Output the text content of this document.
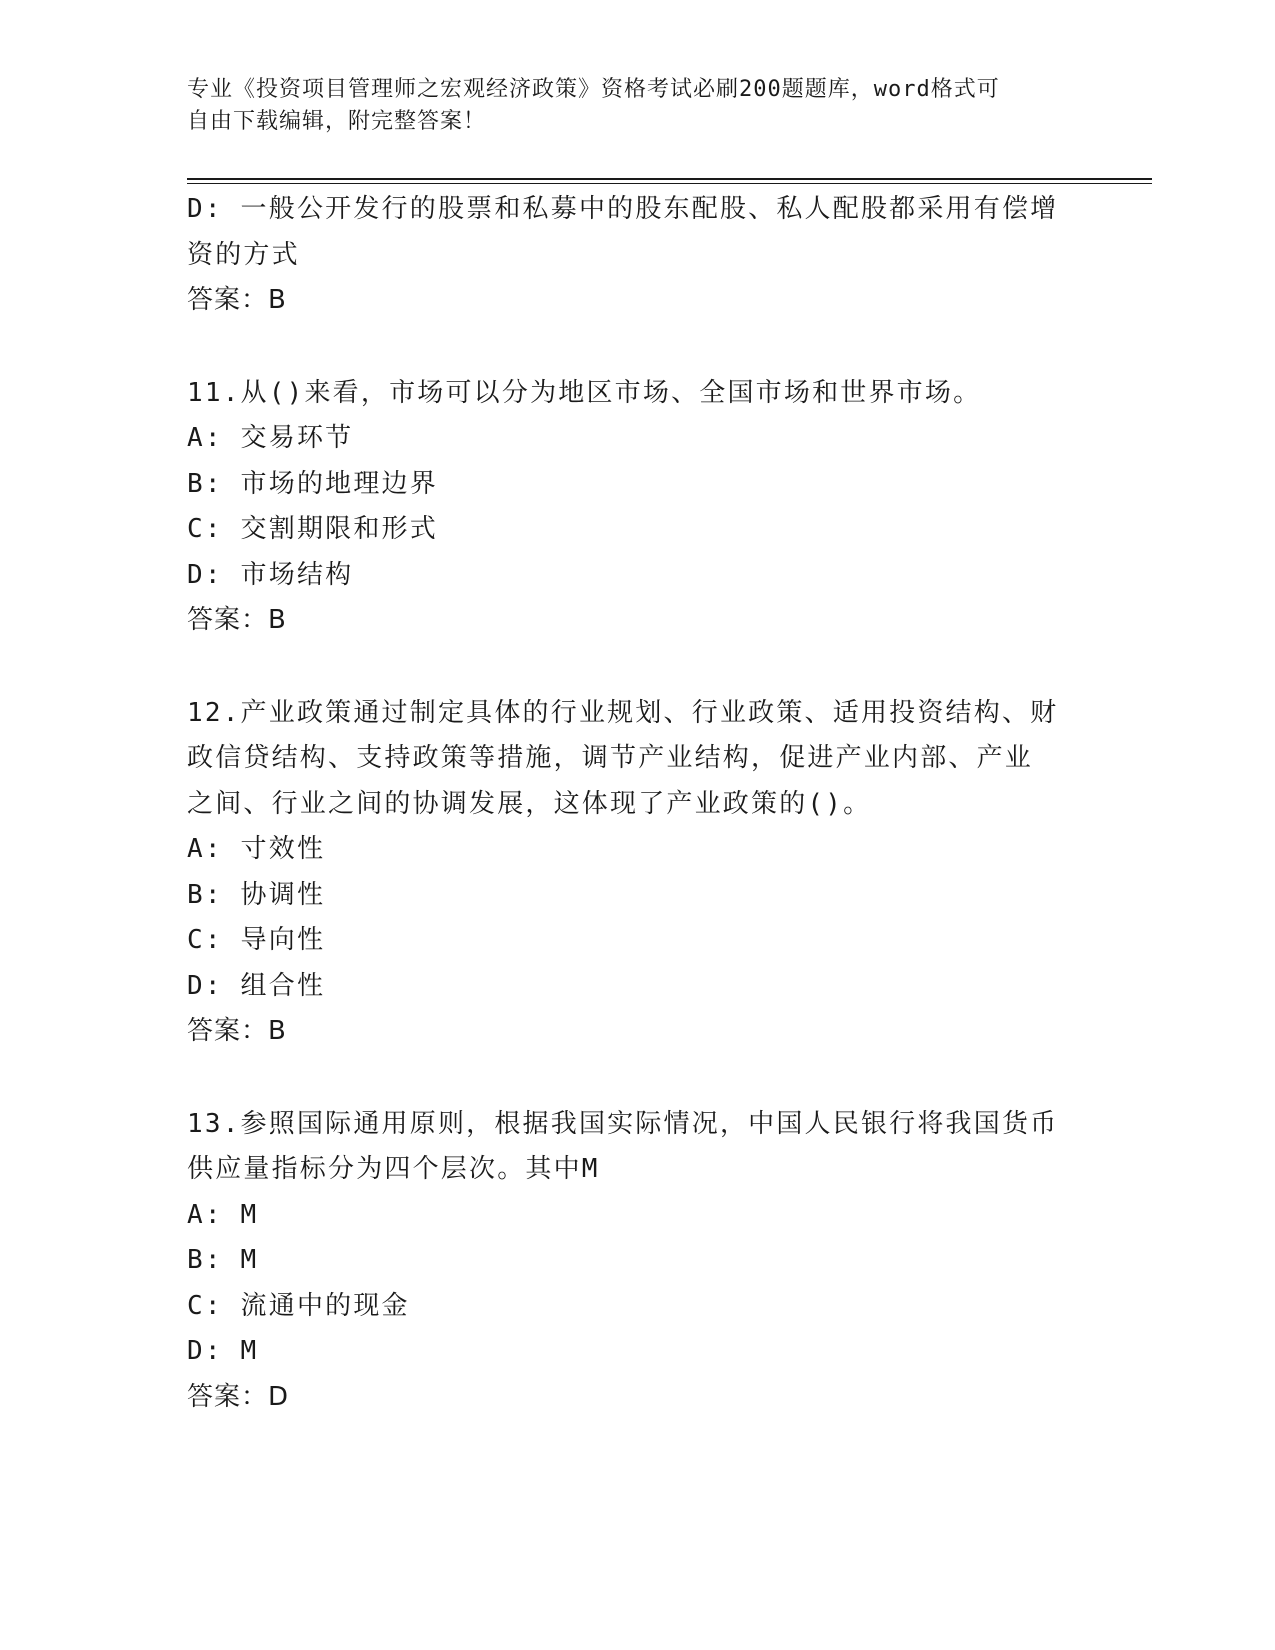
专业《投资项目管理师之宏观经济政策》资格考试必刷200题题库，word格式可
自由下载编辑，附完整答案！
D: 一般公开发行的股票和私募中的股东配股、私人配股都采用有偿增
资的方式
答案：B
11.从()来看，市场可以分为地区市场、全国市场和世界市场。
A: 交易环节
B: 市场的地理边界
C: 交割期限和形式
D: 市场结构
答案：B
12.产业政策通过制定具体的行业规划、行业政策、适用投资结构、财
政信贷结构、支持政策等措施，调节产业结构，促进产业内部、产业
之间、行业之间的协调发展，这体现了产业政策的()。
A: 寸效性
B: 协调性
C: 导向性
D: 组合性
答案：B
13.参照国际通用原则，根据我国实际情况，中国人民银行将我国货币
供应量指标分为四个层次。其中M
A: M
B: M
C: 流通中的现金
D: M
答案：D
